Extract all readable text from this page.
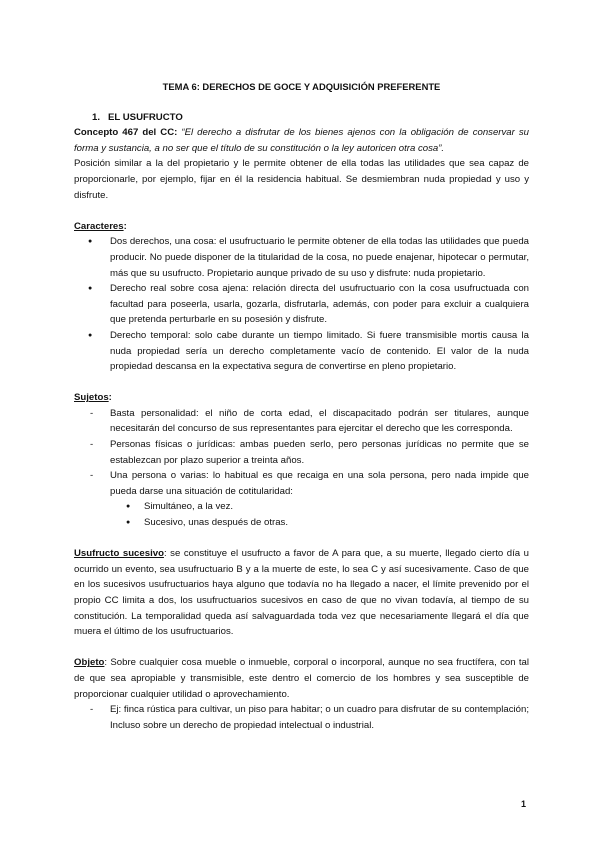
TEMA 6: DERECHOS DE GOCE Y ADQUISICIÓN PREFERENTE
1. EL USUFRUCTO

Concepto 467 del CC: “El derecho a disfrutar de los bienes ajenos con la obligación de conservar su forma y sustancia, a no ser que el título de su constitución o la ley autoricen otra cosa”.

Posición similar a la del propietario y le permite obtener de ella todas las utilidades que sea capaz de proporcionarle, por ejemplo, fijar en él la residencia habitual. Se desmiembran nuda propiedad y uso y disfrute.

Caracteres:

● Dos derechos, una cosa: el usufructuario le permite obtener de ella todas las utilidades que pueda producir. No puede disponer de la titularidad de la cosa, no puede enajenar, hipotecar o permutar, más que su usufructo. Propietario aunque privado de su uso y disfrute: nuda propietario.
● Derecho real sobre cosa ajena: relación directa del usufructuario con la cosa usufructuada con facultad para poseerla, usarla, gozarla, disfrutarla, además, con poder para excluir a cualquiera que pretenda perturbarle en su posesión y disfrute.
● Derecho temporal: solo cabe durante un tiempo limitado. Si fuere transmisible mortis causa la nuda propiedad sería un derecho completamente vacío de contenido. El valor de la nuda propiedad descansa en la expectativa segura de convertirse en pleno propietario.

Sujetos:

- Basta personalidad: el niño de corta edad, el discapacitado podrán ser titulares, aunque necesitarán del concurso de sus representantes para ejercitar el derecho que les corresponda.
- Personas físicas o jurídicas: ambas pueden serlo, pero personas jurídicas no permite que se establezcan por plazo superior a treinta años.
- Una persona o varias: lo habitual es que recaiga en una sola persona, pero nada impide que pueda darse una situación de cotitularidad:
● Simultáneo, a la vez.
● Sucesivo, unas después de otras.

Usufructo sucesivo: se constituye el usufructo a favor de A para que, a su muerte, llegado cierto día u ocurrido un evento, sea usufructuario B y a la muerte de este, lo sea C y así sucesivamente. Caso de que en los sucesivos usufructuarios haya alguno que todavía no ha llegado a nacer, el límite prevenido por el propio CC limita a dos, los usufructuarios sucesivos en caso de que no vivan todavía, al tiempo de su constitución. La temporalidad queda así salvaguardada toda vez que necesariamente llegará el día que muera el último de los usufructuarios.

Objeto: Sobre cualquier cosa mueble o inmueble, corporal o incorporal, aunque no sea fructífera, con tal de que sea apropiable y transmisible, este dentro el comercio de los hombres y sea susceptible de proporcionar cualquier utilidad o aprovechamiento.

- Ej: finca rústica para cultivar, un piso para habitar; o un cuadro para disfrutar de su contemplación; Incluso sobre un derecho de propiedad intelectual o industrial.
1
